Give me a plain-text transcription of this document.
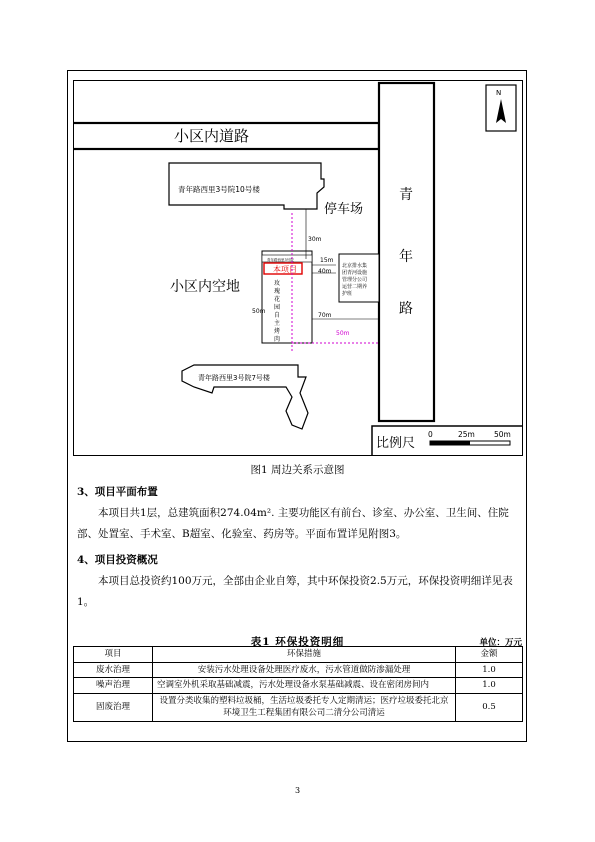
小区内道路
青
年
路
N
青年路西里3号院10号楼
停车场
小区内空地
青年路西里3号院
本项目
玫
瑰
花
园
自
主
烤
肉
50m
30m
15m
40m
70m
50m
北京排水集
团青河设施
管理分公司
运营二期养
护班
青年路西里3号院7号楼
比例尺
0	25m	50m
图1 周边关系示意图
3、项目平面布置
本项目共1层，总建筑面积274.04m². 主要功能区有前台、诊室、办公室、卫生间、住院部、处置室、手术室、B超室、化验室、药房等。平面布置详见附图3。
4、项目投资概况
本项目总投资约100万元，全部由企业自筹，其中环保投资2.5万元，环保投资明细详见表1。
表1 环保投资明细	单位：万元
项目	环保措施	金额
废水治理	安装污水处理设备处理医疗废水，污水管道做防渗漏处理	1.0
噪声治理	空调室外机采取基础减震，污水处理设备水泵基础减震、设在密闭房间内	1.0
固废治理	设置分类收集的塑料垃圾桶，生活垃圾委托专人定期清运；医疗垃圾委托北京环境卫生工程集团有限公司二清分公司清运	0.5
3
